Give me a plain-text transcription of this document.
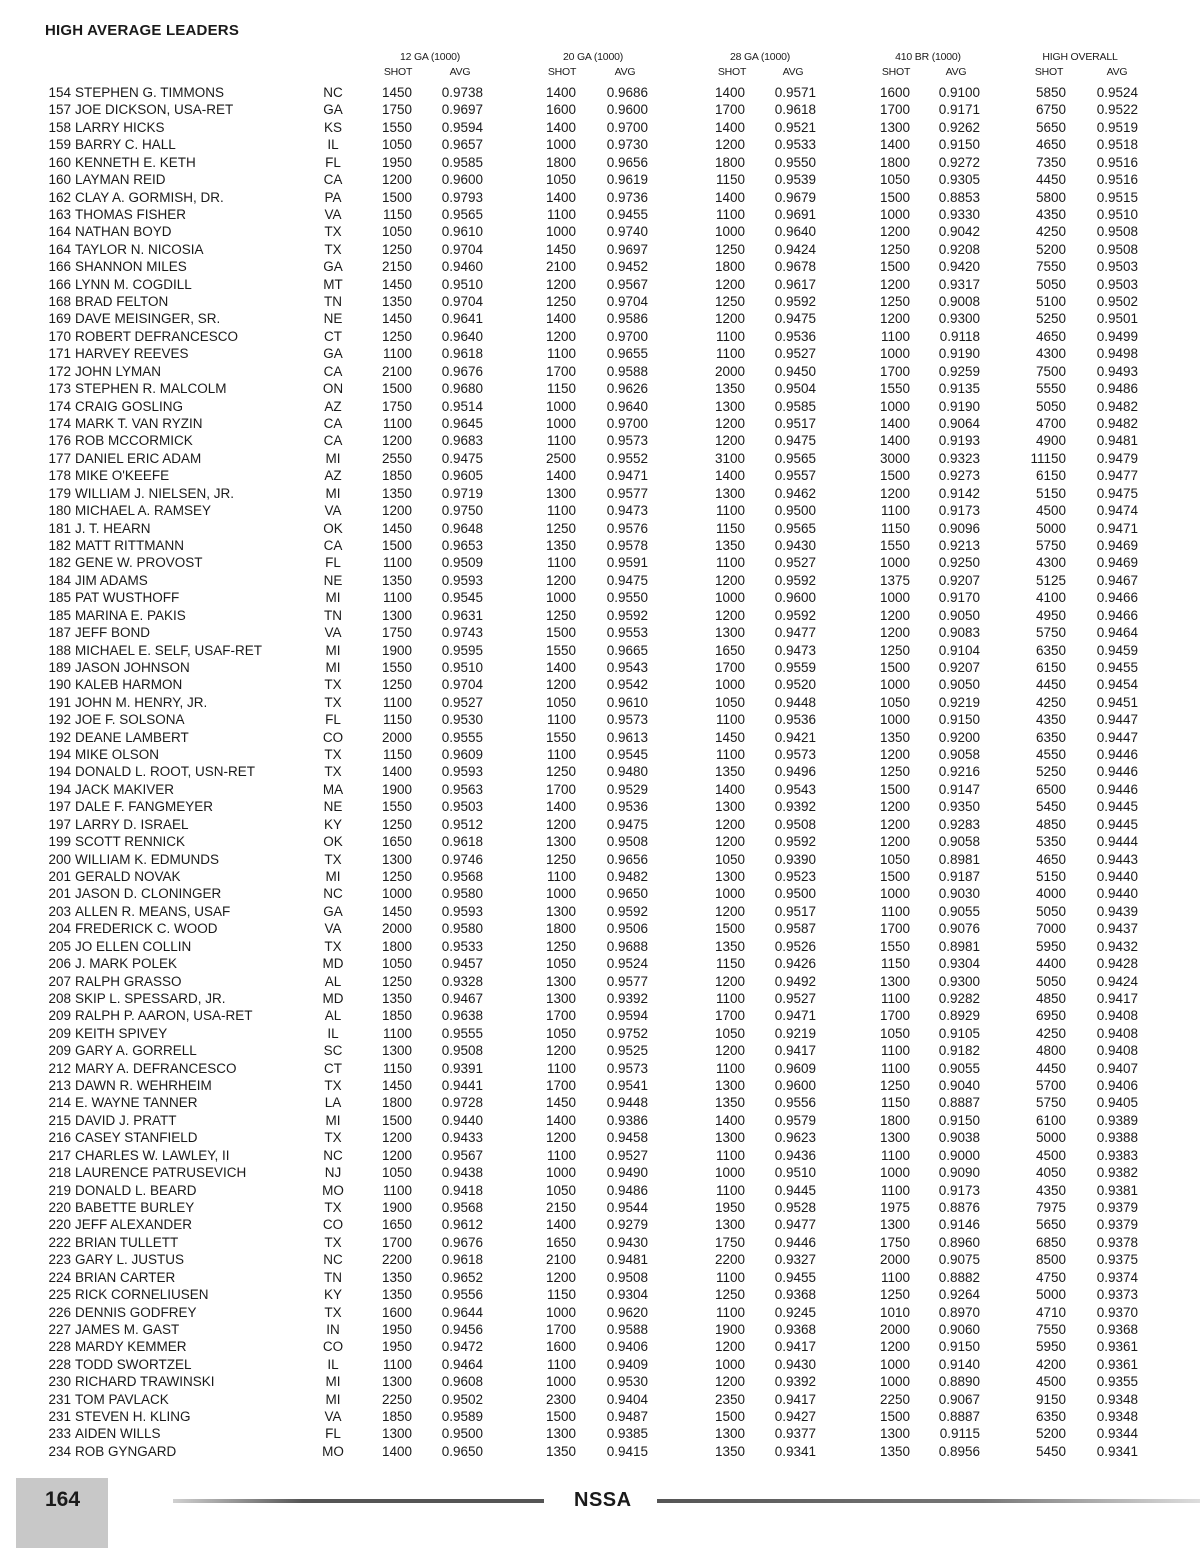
HIGH AVERAGE LEADERS
12 GA (1000)	20 GA (1000)	28 GA (1000)	410 BR (1000)	HIGH OVERALL
SHOT	AVG	SHOT	AVG	SHOT	AVG	SHOT	AVG	SHOT	AVG
154 STEPHEN G. TIMMONS	NC	1450	0.9738	1400	0.9686	1400	0.9571	1600	0.9100	5850	0.9524
157 JOE DICKSON, USA-RET	GA	1750	0.9697	1600	0.9600	1700	0.9618	1700	0.9171	6750	0.9522
158 LARRY HICKS	KS	1550	0.9594	1400	0.9700	1400	0.9521	1300	0.9262	5650	0.9519
159 BARRY C. HALL	IL	1050	0.9657	1000	0.9730	1200	0.9533	1400	0.9150	4650	0.9518
160 KENNETH E. KETH	FL	1950	0.9585	1800	0.9656	1800	0.9550	1800	0.9272	7350	0.9516
160 LAYMAN REID	CA	1200	0.9600	1050	0.9619	1150	0.9539	1050	0.9305	4450	0.9516
162 CLAY A. GORMISH, DR.	PA	1500	0.9793	1400	0.9736	1400	0.9679	1500	0.8853	5800	0.9515
163 THOMAS FISHER	VA	1150	0.9565	1100	0.9455	1100	0.9691	1000	0.9330	4350	0.9510
164 NATHAN BOYD	TX	1050	0.9610	1000	0.9740	1000	0.9640	1200	0.9042	4250	0.9508
164 TAYLOR N. NICOSIA	TX	1250	0.9704	1450	0.9697	1250	0.9424	1250	0.9208	5200	0.9508
166 SHANNON MILES	GA	2150	0.9460	2100	0.9452	1800	0.9678	1500	0.9420	7550	0.9503
166 LYNN M. COGDILL	MT	1450	0.9510	1200	0.9567	1200	0.9617	1200	0.9317	5050	0.9503
168 BRAD FELTON	TN	1350	0.9704	1250	0.9704	1250	0.9592	1250	0.9008	5100	0.9502
169 DAVE MEISINGER, SR.	NE	1450	0.9641	1400	0.9586	1200	0.9475	1200	0.9300	5250	0.9501
170 ROBERT DEFRANCESCO	CT	1250	0.9640	1200	0.9700	1100	0.9536	1100	0.9118	4650	0.9499
171 HARVEY REEVES	GA	1100	0.9618	1100	0.9655	1100	0.9527	1000	0.9190	4300	0.9498
172 JOHN LYMAN	CA	2100	0.9676	1700	0.9588	2000	0.9450	1700	0.9259	7500	0.9493
173 STEPHEN R. MALCOLM	ON	1500	0.9680	1150	0.9626	1350	0.9504	1550	0.9135	5550	0.9486
174 CRAIG GOSLING	AZ	1750	0.9514	1000	0.9640	1300	0.9585	1000	0.9190	5050	0.9482
174 MARK T. VAN RYZIN	CA	1100	0.9645	1000	0.9700	1200	0.9517	1400	0.9064	4700	0.9482
176 ROB MCCORMICK	CA	1200	0.9683	1100	0.9573	1200	0.9475	1400	0.9193	4900	0.9481
177 DANIEL ERIC ADAM	MI	2550	0.9475	2500	0.9552	3100	0.9565	3000	0.9323	11150	0.9479
178 MIKE O'KEEFE	AZ	1850	0.9605	1400	0.9471	1400	0.9557	1500	0.9273	6150	0.9477
179 WILLIAM J. NIELSEN, JR.	MI	1350	0.9719	1300	0.9577	1300	0.9462	1200	0.9142	5150	0.9475
180 MICHAEL A. RAMSEY	VA	1200	0.9750	1100	0.9473	1100	0.9500	1100	0.9173	4500	0.9474
181 J. T. HEARN	OK	1450	0.9648	1250	0.9576	1150	0.9565	1150	0.9096	5000	0.9471
182 MATT RITTMANN	CA	1500	0.9653	1350	0.9578	1350	0.9430	1550	0.9213	5750	0.9469
182 GENE W. PROVOST	FL	1100	0.9509	1100	0.9591	1100	0.9527	1000	0.9250	4300	0.9469
184 JIM ADAMS	NE	1350	0.9593	1200	0.9475	1200	0.9592	1375	0.9207	5125	0.9467
185 PAT WUSTHOFF	MI	1100	0.9545	1000	0.9550	1000	0.9600	1000	0.9170	4100	0.9466
185 MARINA E. PAKIS	TN	1300	0.9631	1250	0.9592	1200	0.9592	1200	0.9050	4950	0.9466
187 JEFF BOND	VA	1750	0.9743	1500	0.9553	1300	0.9477	1200	0.9083	5750	0.9464
188 MICHAEL E. SELF, USAF-RET	MI	1900	0.9595	1550	0.9665	1650	0.9473	1250	0.9104	6350	0.9459
189 JASON JOHNSON	MI	1550	0.9510	1400	0.9543	1700	0.9559	1500	0.9207	6150	0.9455
190 KALEB HARMON	TX	1250	0.9704	1200	0.9542	1000	0.9520	1000	0.9050	4450	0.9454
191 JOHN M. HENRY, JR.	TX	1100	0.9527	1050	0.9610	1050	0.9448	1050	0.9219	4250	0.9451
192 JOE F. SOLSONA	FL	1150	0.9530	1100	0.9573	1100	0.9536	1000	0.9150	4350	0.9447
192 DEANE LAMBERT	CO	2000	0.9555	1550	0.9613	1450	0.9421	1350	0.9200	6350	0.9447
194 MIKE OLSON	TX	1150	0.9609	1100	0.9545	1100	0.9573	1200	0.9058	4550	0.9446
194 DONALD L. ROOT, USN-RET	TX	1400	0.9593	1250	0.9480	1350	0.9496	1250	0.9216	5250	0.9446
194 JACK MAKIVER	MA	1900	0.9563	1700	0.9529	1400	0.9543	1500	0.9147	6500	0.9446
197 DALE F. FANGMEYER	NE	1550	0.9503	1400	0.9536	1300	0.9392	1200	0.9350	5450	0.9445
197 LARRY D. ISRAEL	KY	1250	0.9512	1200	0.9475	1200	0.9508	1200	0.9283	4850	0.9445
199 SCOTT RENNICK	OK	1650	0.9618	1300	0.9508	1200	0.9592	1200	0.9058	5350	0.9444
200 WILLIAM K. EDMUNDS	TX	1300	0.9746	1250	0.9656	1050	0.9390	1050	0.8981	4650	0.9443
201 GERALD NOVAK	MI	1250	0.9568	1100	0.9482	1300	0.9523	1500	0.9187	5150	0.9440
201 JASON D. CLONINGER	NC	1000	0.9580	1000	0.9650	1000	0.9500	1000	0.9030	4000	0.9440
203 ALLEN R. MEANS, USAF	GA	1450	0.9593	1300	0.9592	1200	0.9517	1100	0.9055	5050	0.9439
204 FREDERICK C. WOOD	VA	2000	0.9580	1800	0.9506	1500	0.9587	1700	0.9076	7000	0.9437
205 JO ELLEN COLLIN	TX	1800	0.9533	1250	0.9688	1350	0.9526	1550	0.8981	5950	0.9432
206 J. MARK POLEK	MD	1050	0.9457	1050	0.9524	1150	0.9426	1150	0.9304	4400	0.9428
207 RALPH GRASSO	AL	1250	0.9328	1300	0.9577	1200	0.9492	1300	0.9300	5050	0.9424
208 SKIP L. SPESSARD, JR.	MD	1350	0.9467	1300	0.9392	1100	0.9527	1100	0.9282	4850	0.9417
209 RALPH P. AARON, USA-RET	AL	1850	0.9638	1700	0.9594	1700	0.9471	1700	0.8929	6950	0.9408
209 KEITH SPIVEY	IL	1100	0.9555	1050	0.9752	1050	0.9219	1050	0.9105	4250	0.9408
209 GARY A. GORRELL	SC	1300	0.9508	1200	0.9525	1200	0.9417	1100	0.9182	4800	0.9408
212 MARY A. DEFRANCESCO	CT	1150	0.9391	1100	0.9573	1100	0.9609	1100	0.9055	4450	0.9407
213 DAWN R. WEHRHEIM	TX	1450	0.9441	1700	0.9541	1300	0.9600	1250	0.9040	5700	0.9406
214 E. WAYNE TANNER	LA	1800	0.9728	1450	0.9448	1350	0.9556	1150	0.8887	5750	0.9405
215 DAVID J. PRATT	MI	1500	0.9440	1400	0.9386	1400	0.9579	1800	0.9150	6100	0.9389
216 CASEY STANFIELD	TX	1200	0.9433	1200	0.9458	1300	0.9623	1300	0.9038	5000	0.9388
217 CHARLES W. LAWLEY, II	NC	1200	0.9567	1100	0.9527	1100	0.9436	1100	0.9000	4500	0.9383
218 LAURENCE PATRUSEVICH	NJ	1050	0.9438	1000	0.9490	1000	0.9510	1000	0.9090	4050	0.9382
219 DONALD L. BEARD	MO	1100	0.9418	1050	0.9486	1100	0.9445	1100	0.9173	4350	0.9381
220 BABETTE BURLEY	TX	1900	0.9568	2150	0.9544	1950	0.9528	1975	0.8876	7975	0.9379
220 JEFF ALEXANDER	CO	1650	0.9612	1400	0.9279	1300	0.9477	1300	0.9146	5650	0.9379
222 BRIAN TULLETT	TX	1700	0.9676	1650	0.9430	1750	0.9446	1750	0.8960	6850	0.9378
223 GARY L. JUSTUS	NC	2200	0.9618	2100	0.9481	2200	0.9327	2000	0.9075	8500	0.9375
224 BRIAN CARTER	TN	1350	0.9652	1200	0.9508	1100	0.9455	1100	0.8882	4750	0.9374
225 RICK CORNELIUSEN	KY	1350	0.9556	1150	0.9304	1250	0.9368	1250	0.9264	5000	0.9373
226 DENNIS GODFREY	TX	1600	0.9644	1000	0.9620	1100	0.9245	1010	0.8970	4710	0.9370
227 JAMES M. GAST	IN	1950	0.9456	1700	0.9588	1900	0.9368	2000	0.9060	7550	0.9368
228 MARDY KEMMER	CO	1950	0.9472	1600	0.9406	1200	0.9417	1200	0.9150	5950	0.9361
228 TODD SWORTZEL	IL	1100	0.9464	1100	0.9409	1000	0.9430	1000	0.9140	4200	0.9361
230 RICHARD TRAWINSKI	MI	1300	0.9608	1000	0.9530	1200	0.9392	1000	0.8890	4500	0.9355
231 TOM PAVLACK	MI	2250	0.9502	2300	0.9404	2350	0.9417	2250	0.9067	9150	0.9348
231 STEVEN H. KLING	VA	1850	0.9589	1500	0.9487	1500	0.9427	1500	0.8887	6350	0.9348
233 AIDEN WILLS	FL	1300	0.9500	1300	0.9385	1300	0.9377	1300	0.9115	5200	0.9344
234 ROB GYNGARD	MO	1400	0.9650	1350	0.9415	1350	0.9341	1350	0.8956	5450	0.9341
164	NSSA
